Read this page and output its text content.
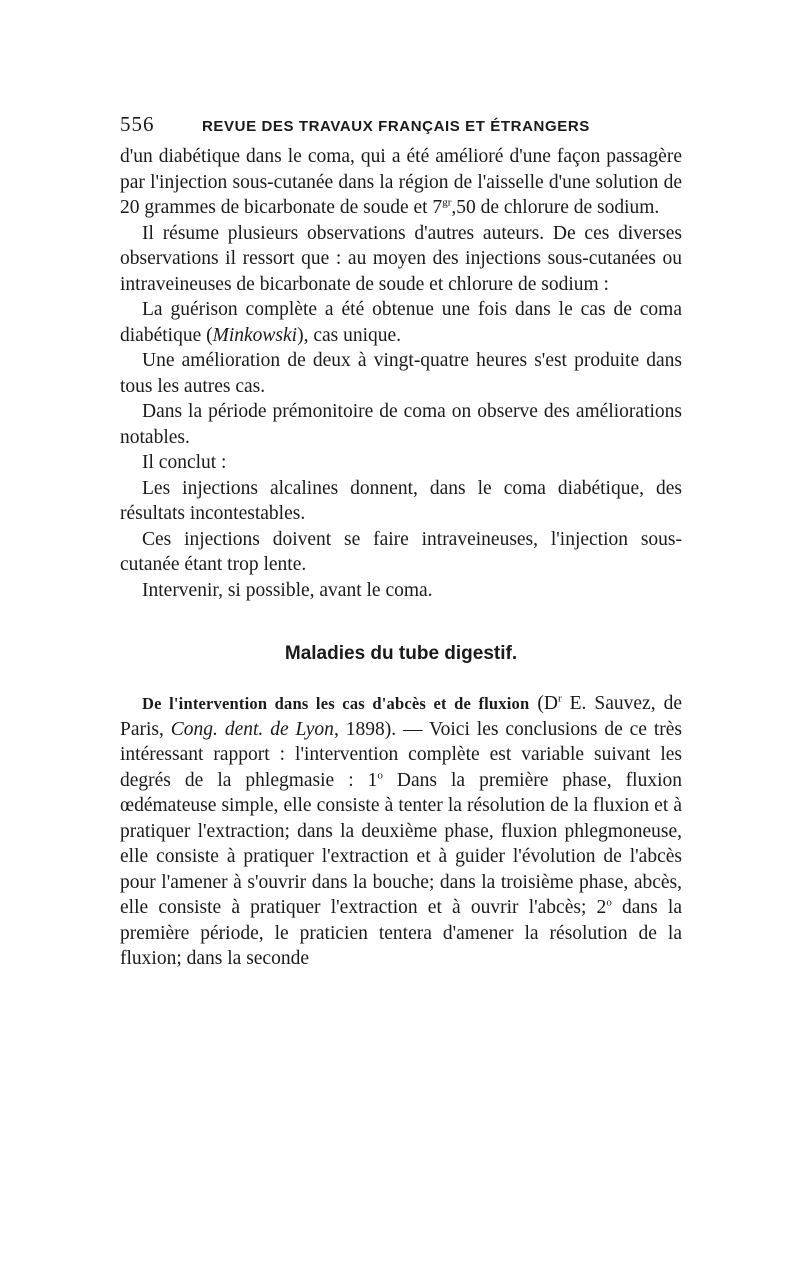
556	REVUE DES TRAVAUX FRANÇAIS ET ÉTRANGERS

d'un diabétique dans le coma, qui a été amélioré d'une façon passagère par l'injection sous-cutanée dans la région de l'aisselle d'une solution de 20 grammes de bicarbonate de soude et $7^{gr},50$ de chlorure de sodium.

Il résume plusieurs observations d'autres auteurs. De ces diverses observations il ressort que : au moyen des injections sous-cutanées ou intraveineuses de bicarbonate de soude et chlorure de sodium :

La guérison complète a été obtenue une fois dans le cas de coma diabétique (Minkowski), cas unique.

Une amélioration de deux à vingt-quatre heures s'est produite dans tous les autres cas.

Dans la période prémonitoire de coma on observe des améliorations notables.

Il conclut :

Les injections alcalines donnent, dans le coma diabétique, des résultats incontestables.

Ces injections doivent se faire intraveineuses, l'injection sous-cutanée étant trop lente.

Intervenir, si possible, avant le coma.

Maladies du tube digestif.

De l'intervention dans les cas d'abcès et de fluxion ($D^r$ E. Sauvez, de Paris, Cong. dent. de Lyon, 1898). — Voici les conclusions de ce très intéressant rapport : l'intervention complète est variable suivant les degrés de la phlegmasie : 1$^o$ Dans la première phase, fluxion œdémateuse simple, elle consiste à tenter la résolution de la fluxion et à pratiquer l'extraction; dans la deuxième phase, fluxion phlegmoneuse, elle consiste à pratiquer l'extraction et à guider l'évolution de l'abcès pour l'amener à s'ouvrir dans la bouche; dans la troisième phase, abcès, elle consiste à pratiquer l'extraction et à ouvrir l'abcès; 2$^o$ dans la première période, le praticien tentera d'amener la résolution de la fluxion; dans la seconde
